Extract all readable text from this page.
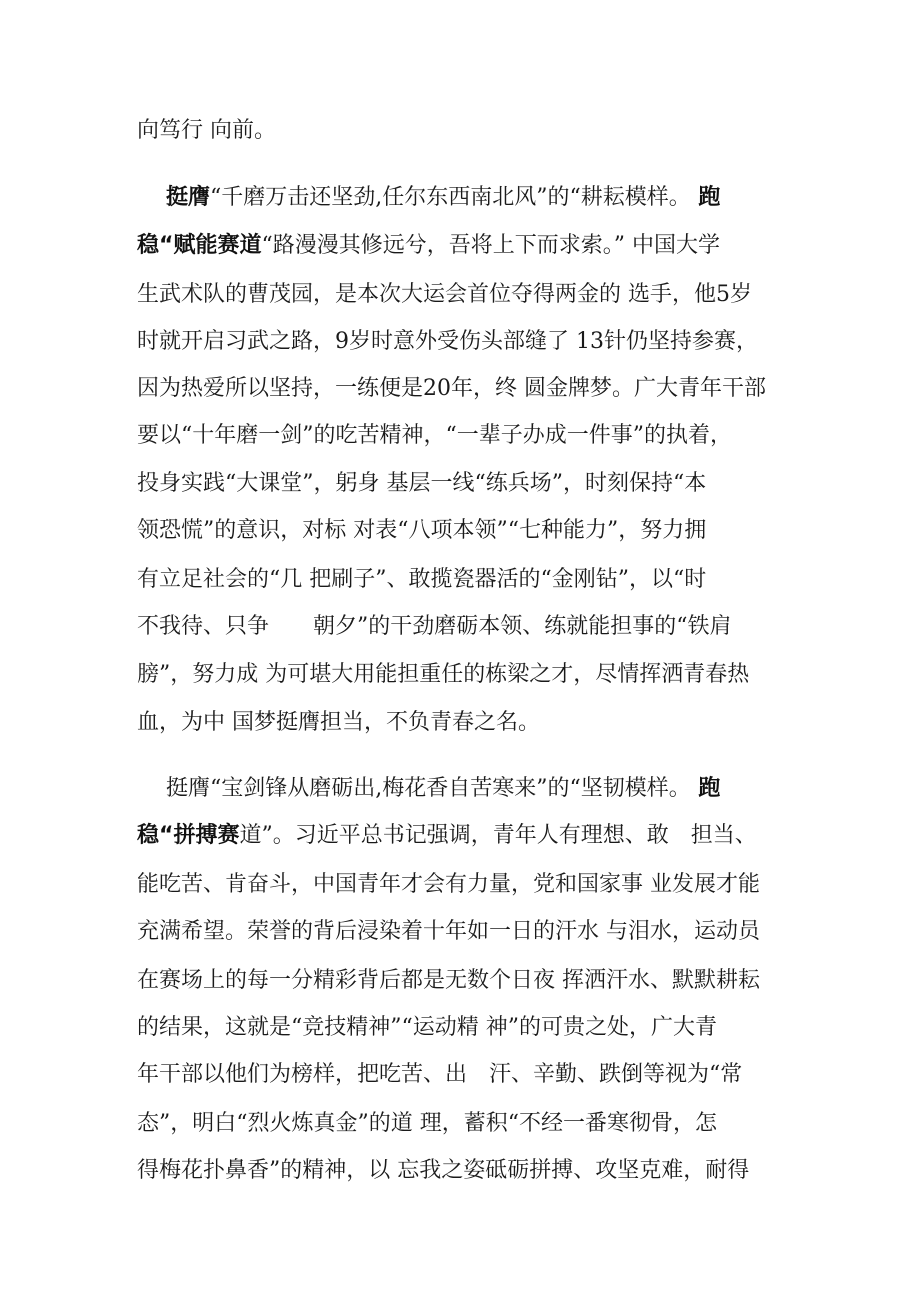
向笃行 向前。
挺膺“千磨万击还坚劲,任尔东西南北风”的“耕耘模样。 跑
稳“赋能赛道“路漫漫其修远兮，吾将上下而求索。” 中国大学
生武术队的曹茂园，是本次大运会首位夺得两金的 选手，他5岁
时就开启习武之路，9岁时意外受伤头部缝了 13针仍坚持参赛，
因为热爱所以坚持，一练便是20年，终 圆金牌梦。广大青年干部
要以“十年磨一剑”的吃苦精神，“一辈子办成一件事”的执着，
投身实践“大课堂”，躬身 基层一线“练兵场”，时刻保持“本
领恐慌”的意识，对标 对表“八项本领”“七种能力”，努力拥
有立足社会的“几 把刷子”、敢揽瓷器活的“金刚钻”，以“时
不我待、只争　　朝夕”的干劲磨砺本领、练就能担事的“铁肩
膀”，努力成 为可堪大用能担重任的栋梁之才，尽情挥洒青春热
血，为中 国梦挺膺担当，不负青春之名。
挺膺“宝剑锋从磨砺出,梅花香自苦寒来”的“坚韧模样。 跑
稳“拼搏赛道”。习近平总书记强调，青年人有理想、敢　担当、
能吃苦、肯奋斗，中国青年才会有力量，党和国家事 业发展才能
充满希望。荣誉的背后浸染着十年如一日的汗水 与泪水，运动员
在赛场上的每一分精彩背后都是无数个日夜 挥洒汗水、默默耕耘
的结果，这就是“竞技精神”“运动精 神”的可贵之处，广大青
年干部以他们为榜样，把吃苦、出　汗、辛勤、跌倒等视为“常
态”，明白“烈火炼真金”的道 理，蓄积“不经一番寒彻骨，怎
得梅花扑鼻香”的精神，以 忘我之姿砥砺拼搏、攻坚克难，耐得
